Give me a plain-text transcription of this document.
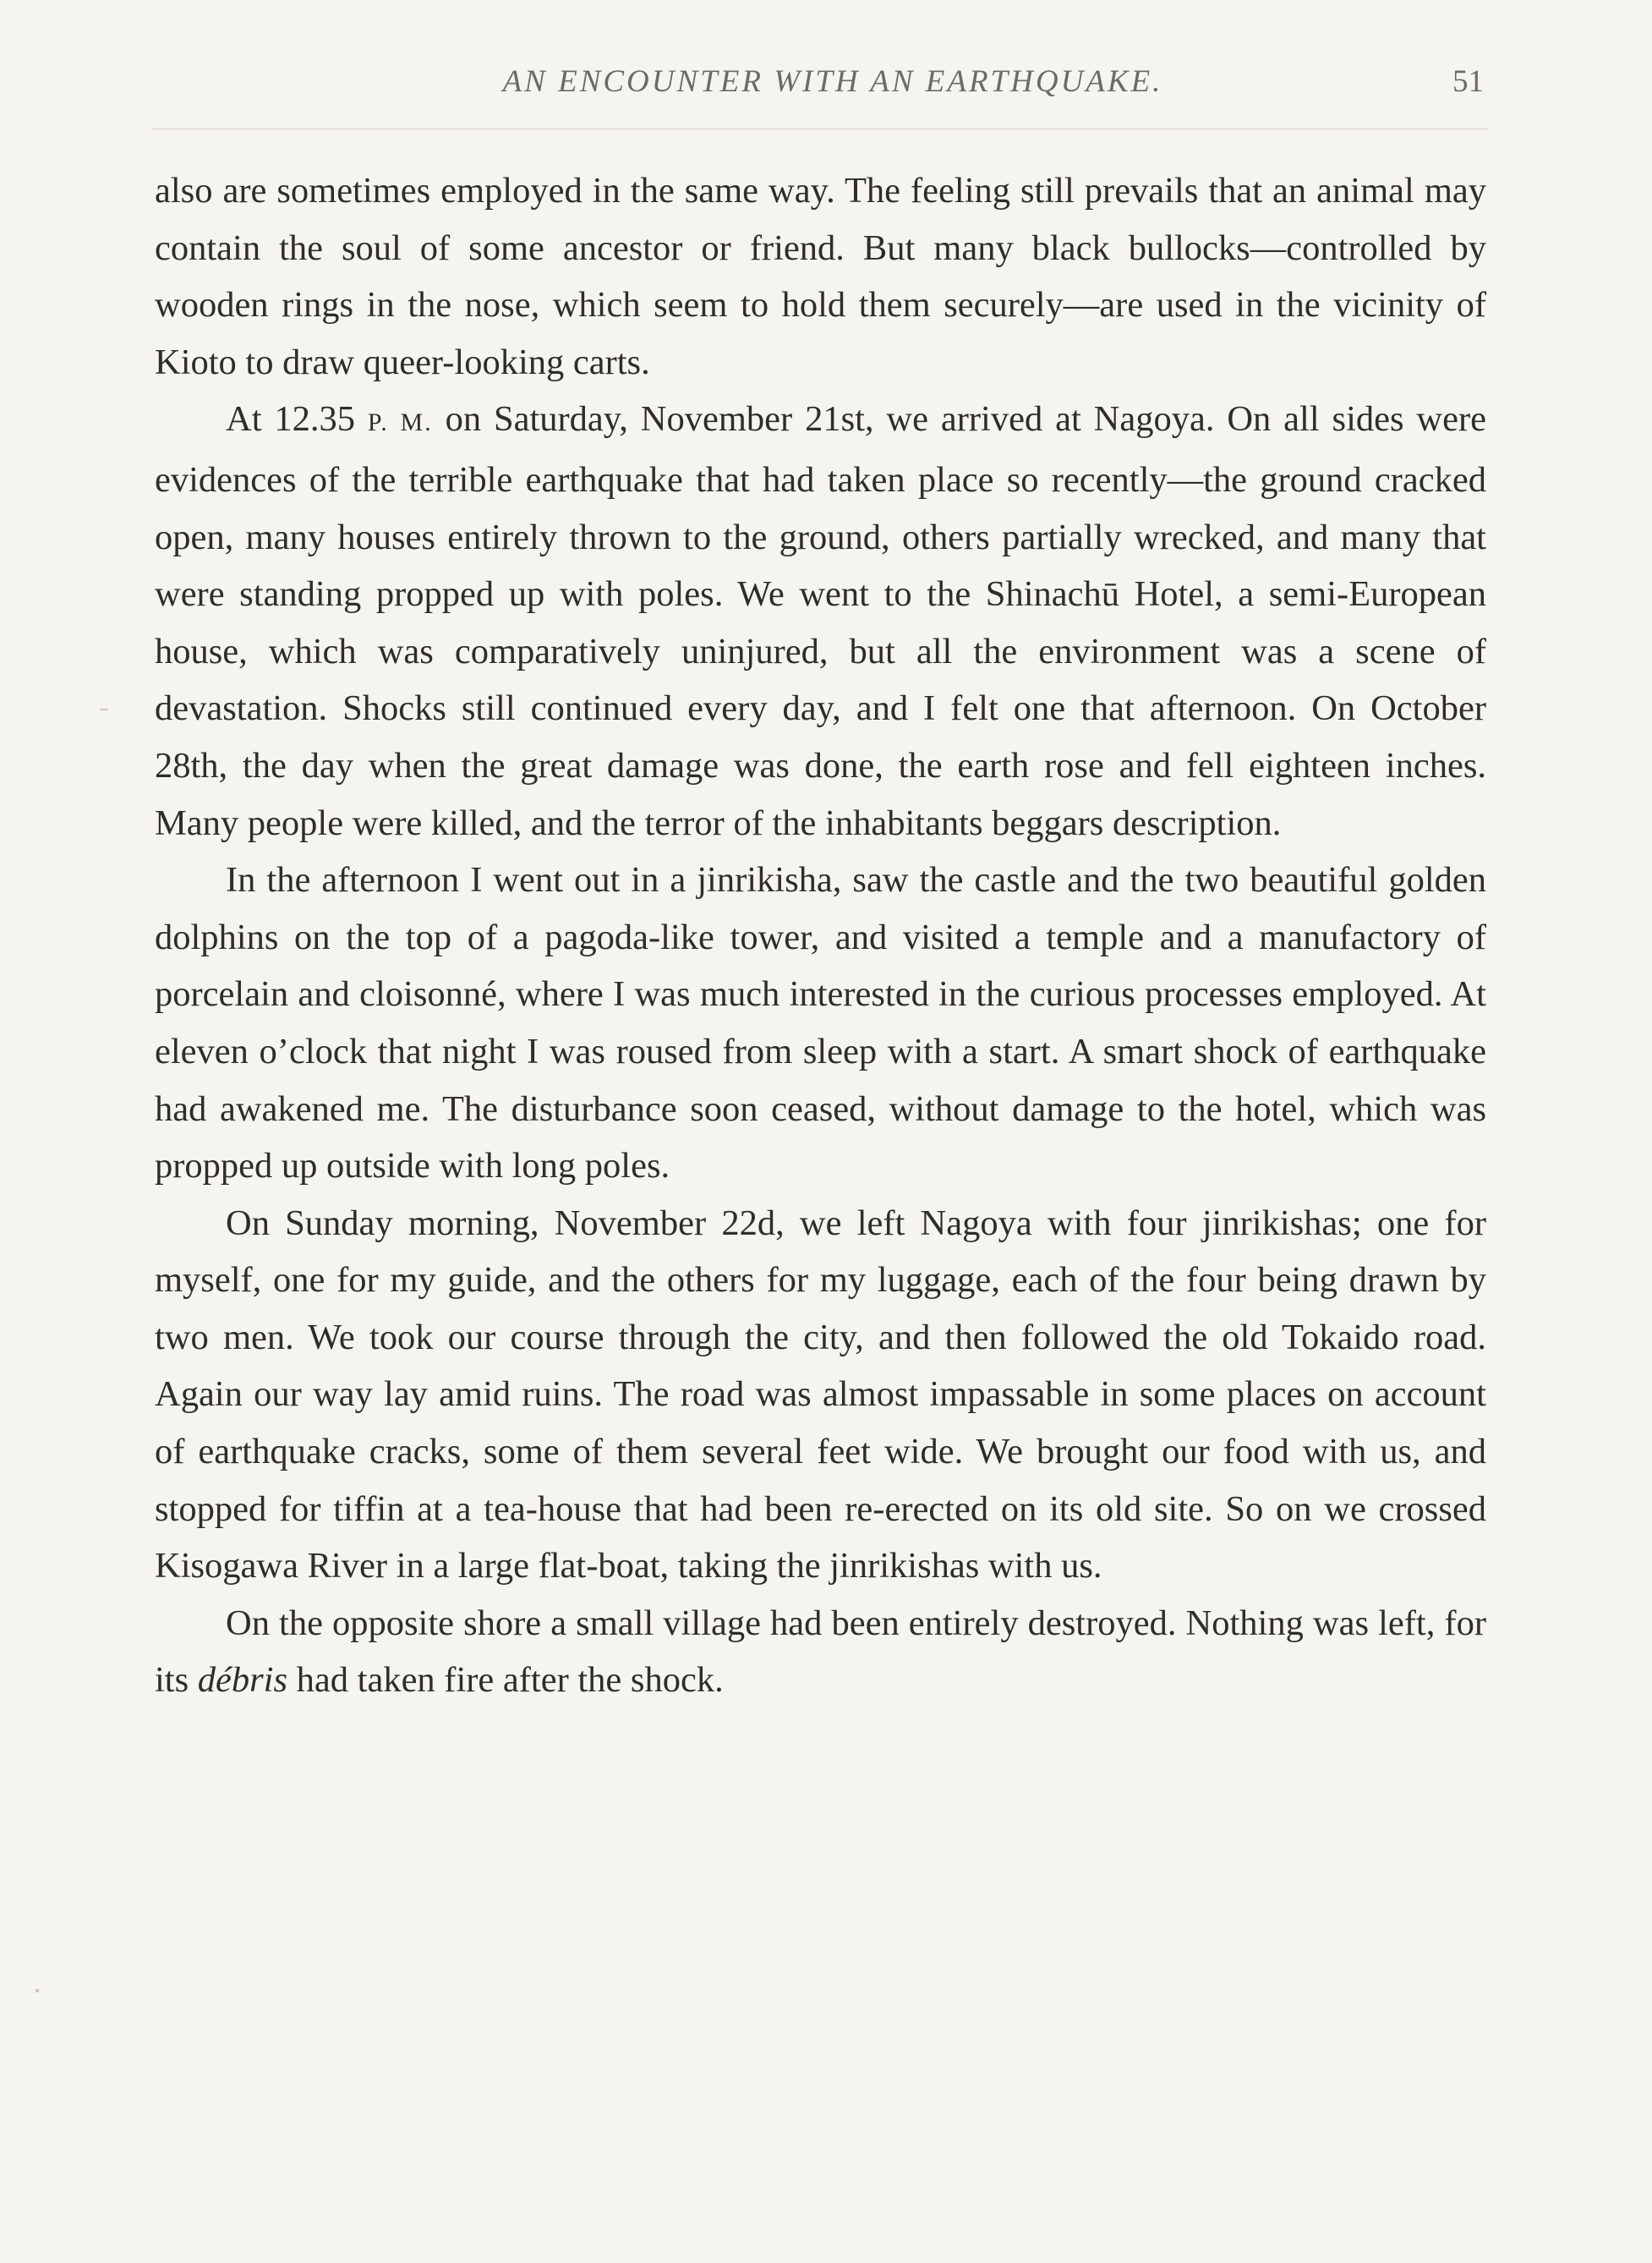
AN ENCOUNTER WITH AN EARTHQUAKE.	51

also are sometimes employed in the same way. The feeling still prevails that an animal may contain the soul of some ancestor or friend. But many black bullocks—controlled by wooden rings in the nose, which seem to hold them securely—are used in the vicinity of Kioto to draw queer-looking carts.

At 12.35 P. M. on Saturday, November 21st, we arrived at Nagoya. On all sides were evidences of the terrible earthquake that had taken place so recently—the ground cracked open, many houses entirely thrown to the ground, others partially wrecked, and many that were standing propped up with poles. We went to the Shinachū Hotel, a semi-European house, which was comparatively uninjured, but all the environment was a scene of devastation. Shocks still continued every day, and I felt one that afternoon. On October 28th, the day when the great damage was done, the earth rose and fell eighteen inches. Many people were killed, and the terror of the inhabitants beggars description.

In the afternoon I went out in a jinrikisha, saw the castle and the two beautiful golden dolphins on the top of a pagoda-like tower, and visited a temple and a manufactory of porcelain and cloisonné, where I was much interested in the curious processes employed. At eleven o’clock that night I was roused from sleep with a start. A smart shock of earthquake had awakened me. The disturbance soon ceased, without damage to the hotel, which was propped up outside with long poles.

On Sunday morning, November 22d, we left Nagoya with four jinrikishas; one for myself, one for my guide, and the others for my luggage, each of the four being drawn by two men. We took our course through the city, and then followed the old Tokaido road. Again our way lay amid ruins. The road was almost impassable in some places on account of earthquake cracks, some of them several feet wide. We brought our food with us, and stopped for tiffin at a tea-house that had been re-erected on its old site. So on we crossed Kisogawa River in a large flat-boat, taking the jinrikishas with us.

On the opposite shore a small village had been entirely destroyed. Nothing was left, for its débris had taken fire after the shock.
